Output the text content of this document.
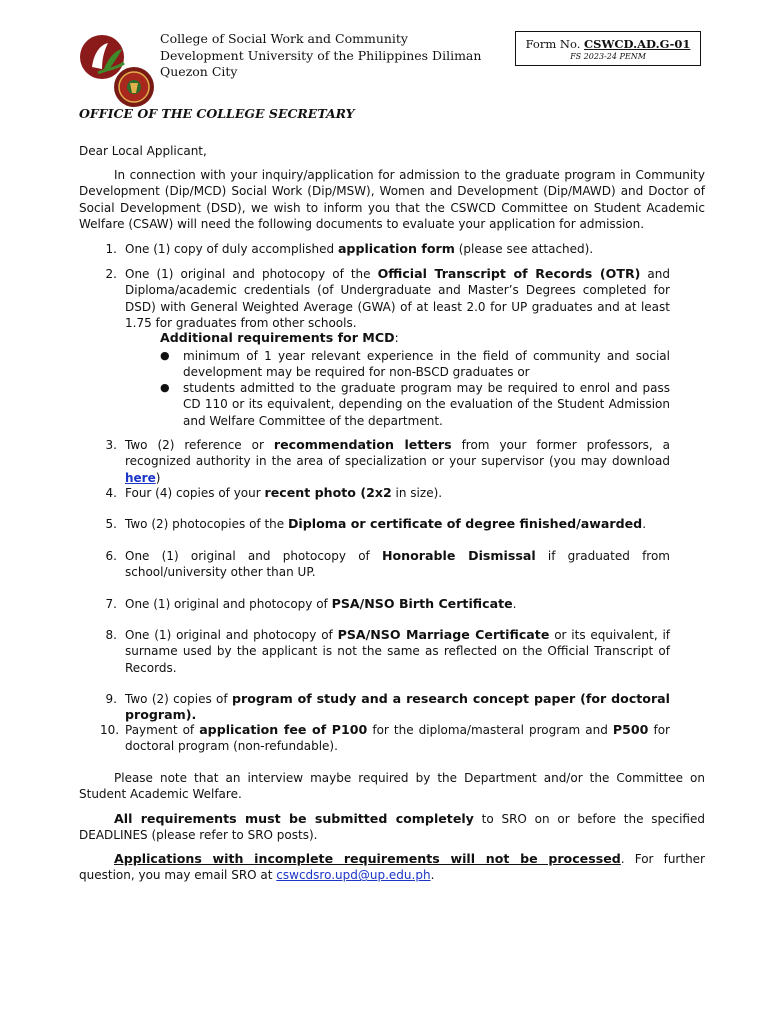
College of Social Work and Community
Development University of the Philippines Diliman
Quezon City
Form No. CSWCD.AD.G-01
FS 2023-24 PENM
OFFICE OF THE COLLEGE SECRETARY
Dear Local Applicant,
In connection with your inquiry/application for admission to the graduate program in Community Development (Dip/MCD) Social Work (Dip/MSW), Women and Development (Dip/MAWD) and Doctor of Social Development (DSD), we wish to inform you that the CSWCD Committee on Student Academic Welfare (CSAW) will need the following documents to evaluate your application for admission.
1. One (1) copy of duly accomplished application form (please see attached).
2. One (1) original and photocopy of the Official Transcript of Records (OTR) and Diploma/academic credentials (of Undergraduate and Master’s Degrees completed for DSD) with General Weighted Average (GWA) of at least 2.0 for UP graduates and at least 1.75 for graduates from other schools.
Additional requirements for MCD:
● minimum of 1 year relevant experience in the field of community and social development may be required for non-BSCD graduates or
● students admitted to the graduate program may be required to enrol and pass CD 110 or its equivalent, depending on the evaluation of the Student Admission and Welfare Committee of the department.
3. Two (2) reference or recommendation letters from your former professors, a recognized authority in the area of specialization or your supervisor (you may download here)
4. Four (4) copies of your recent photo (2x2 in size).
5. Two (2) photocopies of the Diploma or certificate of degree finished/awarded.
6. One (1) original and photocopy of Honorable Dismissal if graduated from school/university other than UP.
7. One (1) original and photocopy of PSA/NSO Birth Certificate.
8. One (1) original and photocopy of PSA/NSO Marriage Certificate or its equivalent, if surname used by the applicant is not the same as reflected on the Official Transcript of Records.
9. Two (2) copies of program of study and a research concept paper (for doctoral program).
10. Payment of application fee of P100 for the diploma/masteral program and P500 for doctoral program (non-refundable).
Please note that an interview maybe required by the Department and/or the Committee on Student Academic Welfare.
All requirements must be submitted completely to SRO on or before the specified DEADLINES (please refer to SRO posts).
Applications with incomplete requirements will not be processed. For further question, you may email SRO at cswcdsro.upd@up.edu.ph.
